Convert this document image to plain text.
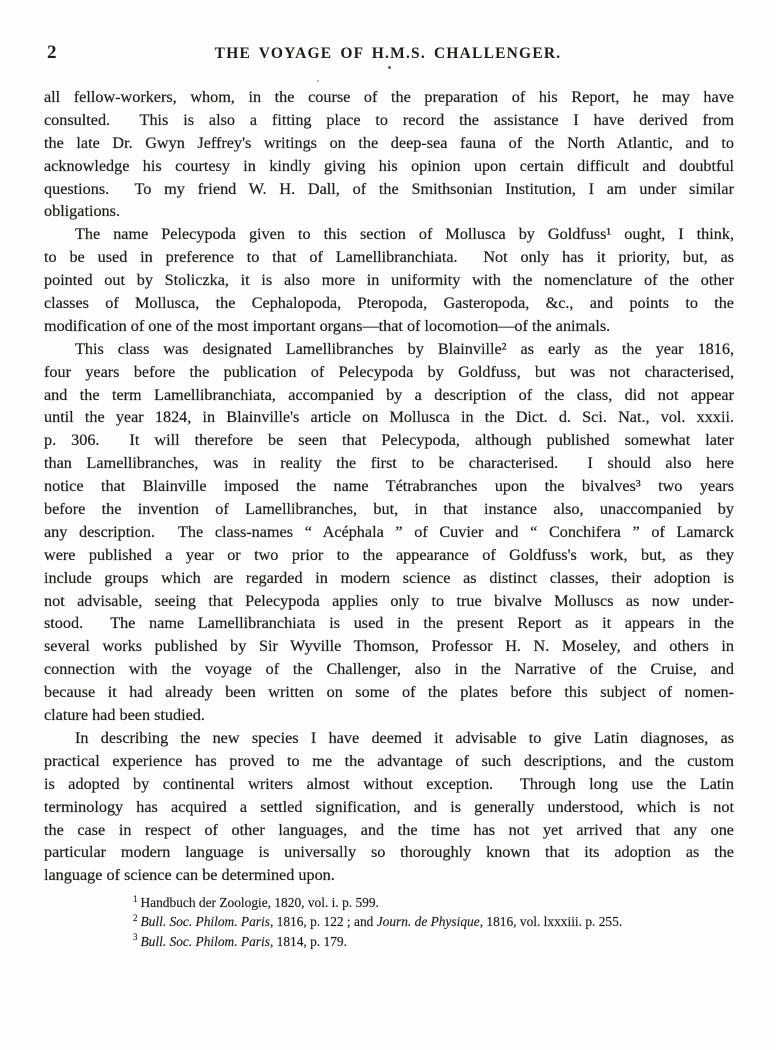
2	THE VOYAGE OF H.M.S. CHALLENGER.
all fellow-workers, whom, in the course of the preparation of his Report, he may have
consulted.  This is also a fitting place to record the assistance I have derived from
the late Dr. Gwyn Jeffrey's writings on the deep-sea fauna of the North Atlantic, and to
acknowledge his courtesy in kindly giving his opinion upon certain difficult and doubtful
questions.  To my friend W. H. Dall, of the Smithsonian Institution, I am under similar
obligations.
The name Pelecypoda given to this section of Mollusca by Goldfuss¹ ought, I think,
to be used in preference to that of Lamellibranchiata.  Not only has it priority, but, as
pointed out by Stoliczka, it is also more in uniformity with the nomenclature of the other
classes of Mollusca, the Cephalopoda, Pteropoda, Gasteropoda, &c., and points to the
modification of one of the most important organs—that of locomotion—of the animals.
This class was designated Lamellibranches by Blainville² as early as the year 1816,
four years before the publication of Pelecypoda by Goldfuss, but was not characterised,
and the term Lamellibranchiata, accompanied by a description of the class, did not appear
until the year 1824, in Blainville's article on Mollusca in the Dict. d. Sci. Nat., vol. xxxii.
p. 306.  It will therefore be seen that Pelecypoda, although published somewhat later
than Lamellibranches, was in reality the first to be characterised.  I should also here
notice that Blainville imposed the name Tétrabranches upon the bivalves³ two years
before the invention of Lamellibranches, but, in that instance also, unaccompanied by
any description.  The class-names “ Acéphala ” of Cuvier and “ Conchifera ” of Lamarck
were published a year or two prior to the appearance of Goldfuss's work, but, as they
include groups which are regarded in modern science as distinct classes, their adoption is
not advisable, seeing that Pelecypoda applies only to true bivalve Molluscs as now under-
stood.  The name Lamellibranchiata is used in the present Report as it appears in the
several works published by Sir Wyville Thomson, Professor H. N. Moseley, and others in
connection with the voyage of the Challenger, also in the Narrative of the Cruise, and
because it had already been written on some of the plates before this subject of nomen-
clature had been studied.
In describing the new species I have deemed it advisable to give Latin diagnoses, as
practical experience has proved to me the advantage of such descriptions, and the custom
is adopted by continental writers almost without exception.  Through long use the Latin
terminology has acquired a settled signification, and is generally understood, which is not
the case in respect of other languages, and the time has not yet arrived that any one
particular modern language is universally so thoroughly known that its adoption as the
language of science can be determined upon.
$^1$ Handbuch der Zoologie, 1820, vol. i. p. 599.
$^2$ Bull. Soc. Philom. Paris, 1816, p. 122 ; and Journ. de Physique, 1816, vol. lxxxiii. p. 255.
$^3$ Bull. Soc. Philom. Paris, 1814, p. 179.
